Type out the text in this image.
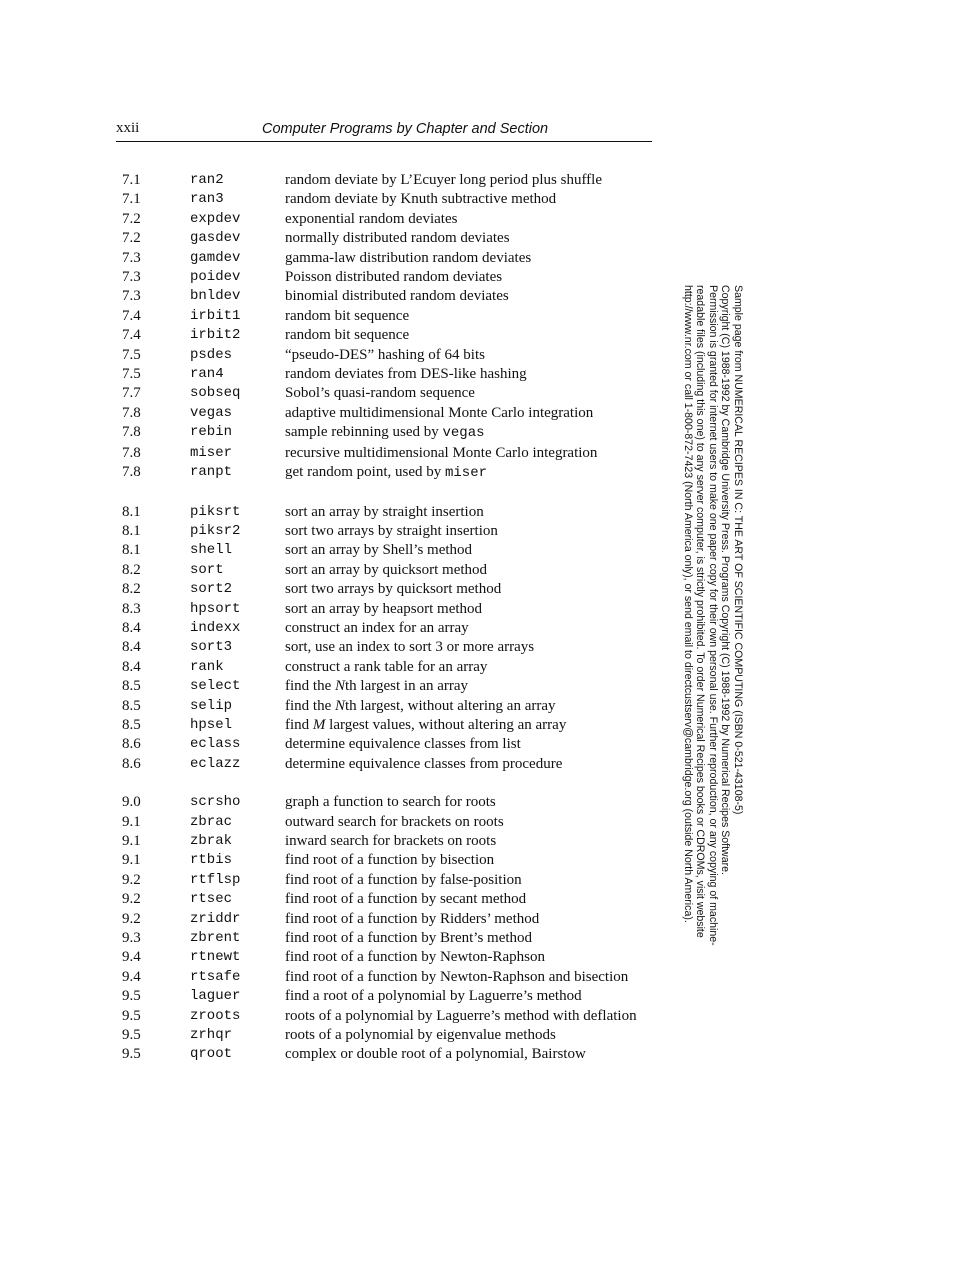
xxii	Computer Programs by Chapter and Section
7.1	ran2	random deviate by L’Ecuyer long period plus shuffle
7.1	ran3	random deviate by Knuth subtractive method
7.2	expdev	exponential random deviates
7.2	gasdev	normally distributed random deviates
7.3	gamdev	gamma-law distribution random deviates
7.3	poidev	Poisson distributed random deviates
7.3	bnldev	binomial distributed random deviates
7.4	irbit1	random bit sequence
7.4	irbit2	random bit sequence
7.5	psdes	“pseudo-DES” hashing of 64 bits
7.5	ran4	random deviates from DES-like hashing
7.7	sobseq	Sobol’s quasi-random sequence
7.8	vegas	adaptive multidimensional Monte Carlo integration
7.8	rebin	sample rebinning used by vegas
7.8	miser	recursive multidimensional Monte Carlo integration
7.8	ranpt	get random point, used by miser
8.1	piksrt	sort an array by straight insertion
8.1	piksr2	sort two arrays by straight insertion
8.1	shell	sort an array by Shell’s method
8.2	sort	sort an array by quicksort method
8.2	sort2	sort two arrays by quicksort method
8.3	hpsort	sort an array by heapsort method
8.4	indexx	construct an index for an array
8.4	sort3	sort, use an index to sort 3 or more arrays
8.4	rank	construct a rank table for an array
8.5	select	find the Nth largest in an array
8.5	selip	find the Nth largest, without altering an array
8.5	hpsel	find M largest values, without altering an array
8.6	eclass	determine equivalence classes from list
8.6	eclazz	determine equivalence classes from procedure
9.0	scrsho	graph a function to search for roots
9.1	zbrac	outward search for brackets on roots
9.1	zbrak	inward search for brackets on roots
9.1	rtbis	find root of a function by bisection
9.2	rtflsp	find root of a function by false-position
9.2	rtsec	find root of a function by secant method
9.2	zriddr	find root of a function by Ridders’ method
9.3	zbrent	find root of a function by Brent’s method
9.4	rtnewt	find root of a function by Newton-Raphson
9.4	rtsafe	find root of a function by Newton-Raphson and bisection
9.5	laguer	find a root of a polynomial by Laguerre’s method
9.5	zroots	roots of a polynomial by Laguerre’s method with deflation
9.5	zrhqr	roots of a polynomial by eigenvalue methods
9.5	qroot	complex or double root of a polynomial, Bairstow
Sample page from NUMERICAL RECIPES IN C: THE ART OF SCIENTIFIC COMPUTING (ISBN 0-521-43108-5)
Copyright (C) 1988-1992 by Cambridge University Press. Programs Copyright (C) 1988-1992 by Numerical Recipes Software.
Permission is granted for internet users to make one paper copy for their own personal use. Further reproduction, or any copying of machine-
readable files (including this one) to any server computer, is strictly prohibited. To order Numerical Recipes books or CDROMs, visit website
http://www.nr.com or call 1-800-872-7423 (North America only), or send email to directcustserv@cambridge.org (outside North America).
